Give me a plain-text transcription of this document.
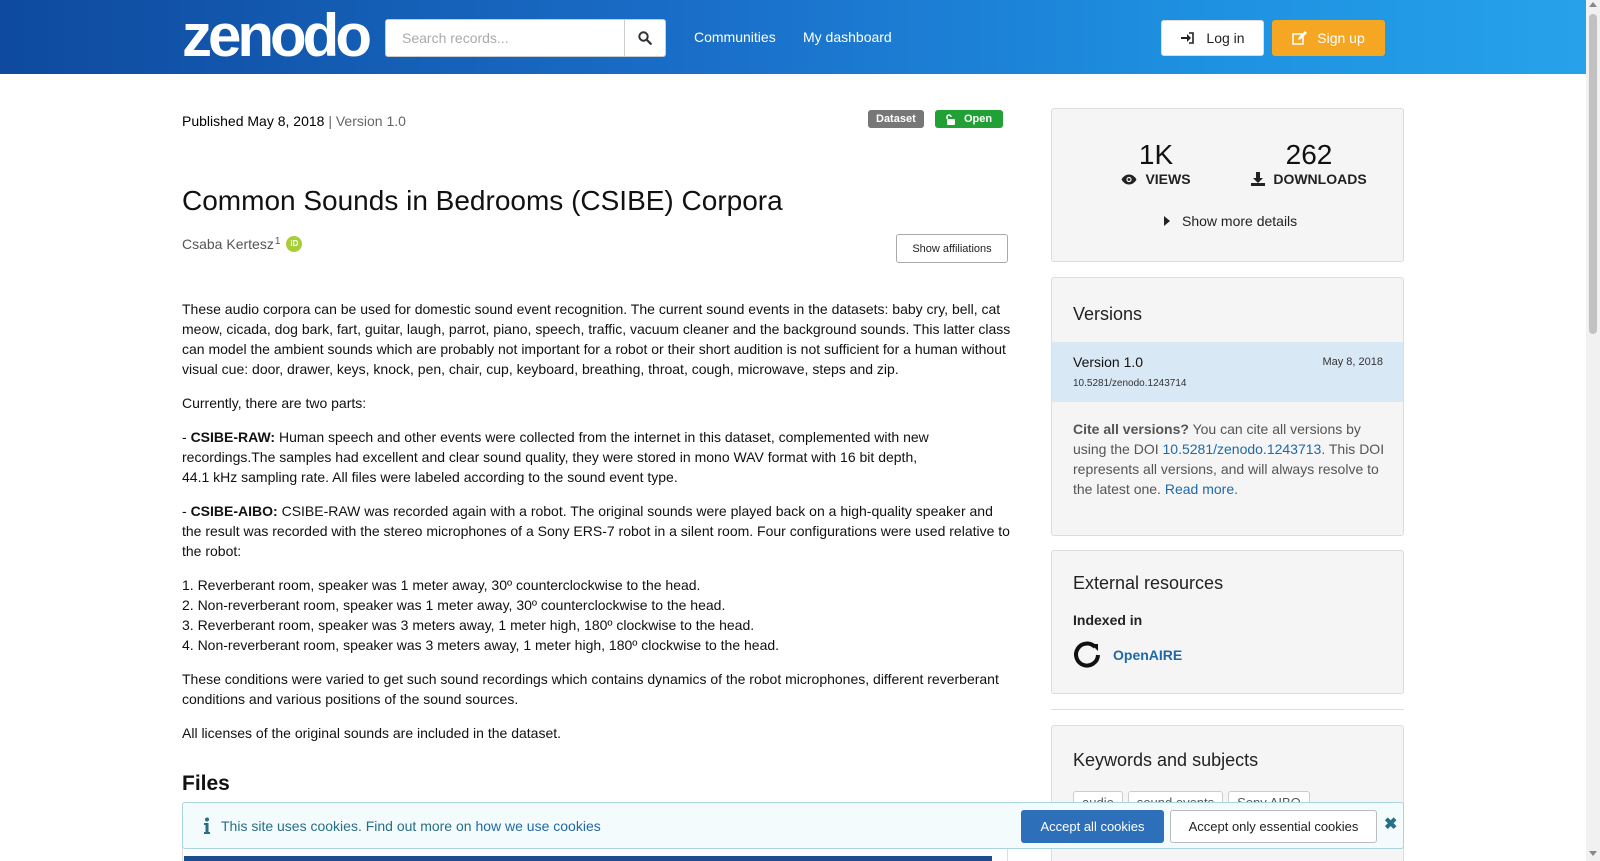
zenodo
Search records...	Communities My dashboard	Log in	Sign up
Published May 8, 2018 | Version 1.0	Dataset	Open
Common Sounds in Bedrooms (CSIBE) Corpora
Csaba Kertesz 1	iD	Show affiliations

These audio corpora can be used for domestic sound event recognition. The current sound events in the datasets: baby cry, bell, cat meow, cicada, dog bark, fart, guitar, laugh, parrot, piano, speech, traffic, vacuum cleaner and the background sounds. This latter class can model the ambient sounds which are probably not important for a robot or their short audition is not sufficient for a human without visual cue: door, drawer, keys, knock, pen, chair, cup, keyboard, breathing, throat, cough, microwave, steps and zip.

Currently, there are two parts:

- CSIBE-RAW: Human speech and other events were collected from the internet in this dataset, complemented with new recordings.The samples had excellent and clear sound quality, they were stored in mono WAV format with 16 bit depth,
44.1 kHz sampling rate. All files were labeled according to the sound event type.

- CSIBE-AIBO: CSIBE-RAW was recorded again with a robot. The original sounds were played back on a high-quality speaker and the result was recorded with the stereo microphones of a Sony ERS-7 robot in a silent room. Four configurations were used relative to the robot:

1. Reverberant room, speaker was 1 meter away, 30º counterclockwise to the head.

2. Non-reverberant room, speaker was 1 meter away, 30º counterclockwise to the head.

3. Reverberant room, speaker was 3 meters away, 1 meter high, 180º clockwise to the head.

4. Non-reverberant room, speaker was 3 meters away, 1 meter high, 180º clockwise to the head.

These conditions were varied to get such sound recordings which contains dynamics of the robot microphones, different reverberant conditions and various positions of the sound sources.

All licenses of the original sounds are included in the dataset.

Files
1K
VIEWS
262
DOWNLOADS
Show more details
Versions
Version 1.0	May 8, 2018
10.5281/zenodo.1243714
Cite all versions? You can cite all versions by using the DOI 10.5281/zenodo.1243713. This DOI represents all versions, and will always resolve to the latest one. Read more.
External resources
Indexed in
OpenAIRE
Keywords and subjects
This site uses cookies. Find out more on how we use cookies	Accept all cookies	Accept only essential cookies	✖
